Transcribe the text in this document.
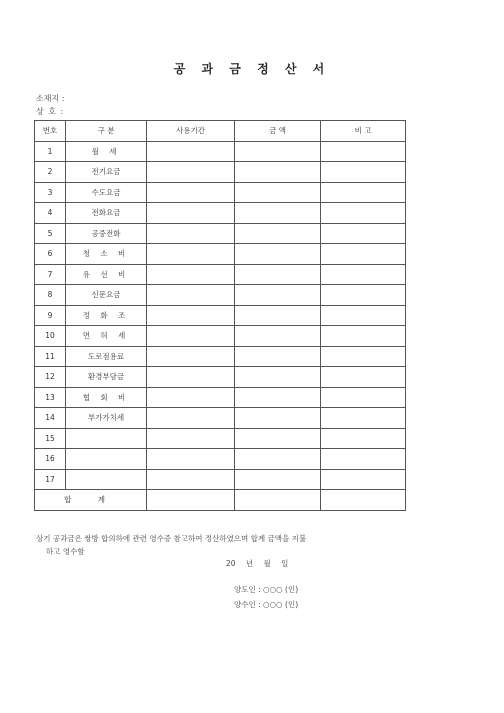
공 과 금 정 산 서
소재지 :
상 호 :
번호	구 분	사용기간	금 액	비 고
1	월 세			
2	전기요금			
3	수도요금			
4	전화요금			
5	공중전화			
6	청 소 비			
7	유 선 비			
8	신문요금			
9	정 화 조			
10	면 허 세			
11	도로점용료			
12	환경부담금			
13	협 회 비			
14	부가가치세			
15				
16				
17				
합 계				
상기 공과금은 쌍방 합의하에 관련 영수증 참고하여 정산하였으며 합계 금액을 지불
하고 영수함
20 년 월 일
양도인 : ○○○ (인)
양수인 : ○○○ (인)
